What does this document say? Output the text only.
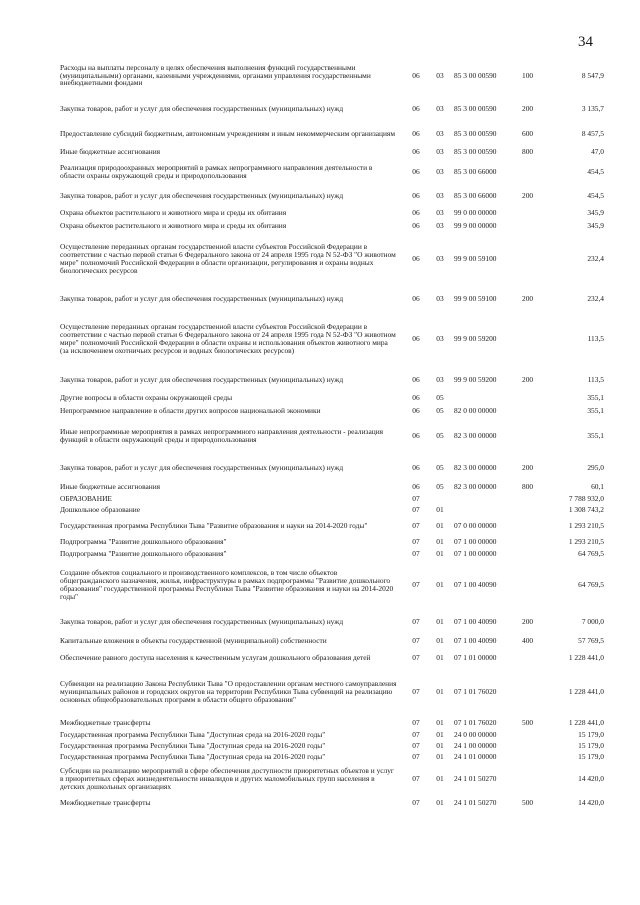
34
Расходы на выплаты персоналу в целях обеспечения выполнения функций государственными (муниципальными) органами, казенными учреждениями, органами управления государственными внебюджетными фондами	06	03	85 3 00 00590	100	8 547,9
Закупка товаров, работ и услуг для обеспечения государственных (муниципальных) нужд	06	03	85 3 00 00590	200	3 135,7
Предоставление субсидий бюджетным, автономным учреждениям и иным некоммерческим организациям	06	03	85 3 00 00590	600	8 457,5
Иные бюджетные ассигнования	06	03	85 3 00 00590	800	47,0
Реализация природоохранных мероприятий в рамках непрограммного направления деятельности в области охраны окружающей среды и природопользования	06	03	85 3 00 66000		454,5
Закупка товаров, работ и услуг для обеспечения государственных (муниципальных) нужд	06	03	85 3 00 66000	200	454,5
Охрана объектов растительного и животного мира и среды их обитания	06	03	99 0 00 00000		345,9
Охрана объектов растительного и животного мира и среды их обитания	06	03	99 9 00 00000		345,9
Осуществление переданных органам государственной власти субъектов Российской Федерации в соответствии с частью первой статьи 6 Федерального закона от 24 апреля 1995 года N 52-ФЗ "О животном мире" полномочий Российской Федерации в области организации, регулирования и охраны водных биологических ресурсов	06	03	99 9 00 59100		232,4
Закупка товаров, работ и услуг для обеспечения государственных (муниципальных) нужд	06	03	99 9 00 59100	200	232,4
Осуществление переданных органам государственной власти субъектов Российской Федерации в соответствии с частью первой статьи 6 Федерального закона от 24 апреля 1995 года N 52-ФЗ "О животном мире" полномочий Российской Федерации в области охраны и использования объектов животного мира (за исключением охотничьих ресурсов и водных биологических ресурсов)	06	03	99 9 00 59200		113,5
Закупка товаров, работ и услуг для обеспечения государственных (муниципальных) нужд	06	03	99 9 00 59200	200	113,5
Другие вопросы в области охраны окружающей среды	06	05			355,1
Непрограммное направление в области других вопросов национальной экономики	06	05	82 0 00 00000		355,1
Иные непрограммные мероприятия в рамках непрограммного направления деятельности - реализация функций в области окружающей среды и природопользования	06	05	82 3 00 00000		355,1
Закупка товаров, работ и услуг для обеспечения государственных (муниципальных) нужд	06	05	82 3 00 00000	200	295,0
Иные бюджетные ассигнования	06	05	82 3 00 00000	800	60,1
ОБРАЗОВАНИЕ	07				7 788 932,0
Дошкольное образование	07	01			1 308 743,2
Государственная программа Республики Тыва "Развитие образования и науки на 2014-2020 годы"	07	01	07 0 00 00000		1 293 210,5
Подпрограмма "Развитие дошкольного образования"	07	01	07 1 00 00000		1 293 210,5
Подпрограмма "Развитие дошкольного образования"	07	01	07 1 00 00000		64 769,5
Создание объектов социального и производственного комплексов, в том числе объектов общегражданского назначения, жилья, инфраструктуры в рамках подпрограммы "Развитие дошкольного образования" государственной программы Республики Тыва "Развитие образования и науки на 2014-2020 годы"	07	01	07 1 00 40090		64 769,5
Закупка товаров, работ и услуг для обеспечения государственных (муниципальных) нужд	07	01	07 1 00 40090	200	7 000,0
Капитальные вложения в объекты государственной (муниципальной) собственности	07	01	07 1 00 40090	400	57 769,5
Обеспечение равного доступа населения к качественным услугам дошкольного образования детей	07	01	07 1 01 00000		1 228 441,0
Субвенции на реализацию Закона Республики Тыва "О предоставлении органам местного самоуправления муниципальных районов и городских округов на территории Республики Тыва субвенций на реализацию основных общеобразовательных программ в области общего образования"	07	01	07 1 01 76020		1 228 441,0
Межбюджетные трансферты	07	01	07 1 01 76020	500	1 228 441,0
Государственная программа Республики Тыва "Доступная среда на 2016-2020 годы"	07	01	24 0 00 00000		15 179,0
Государственная программа Республики Тыва "Доступная среда на 2016-2020 годы"	07	01	24 1 00 00000		15 179,0
Государственная программа Республики Тыва "Доступная среда на 2016-2020 годы"	07	01	24 1 01 00000		15 179,0
Субсидии на реализацию мероприятий в сфере обеспечения доступности приоритетных объектов и услуг в приоритетных сферах жизнедеятельности инвалидов и других маломобильных групп населения в детских дошкольных организациях	07	01	24 1 01 50270		14 420,0
Межбюджетные трансферты	07	01	24 1 01 50270	500	14 420,0
